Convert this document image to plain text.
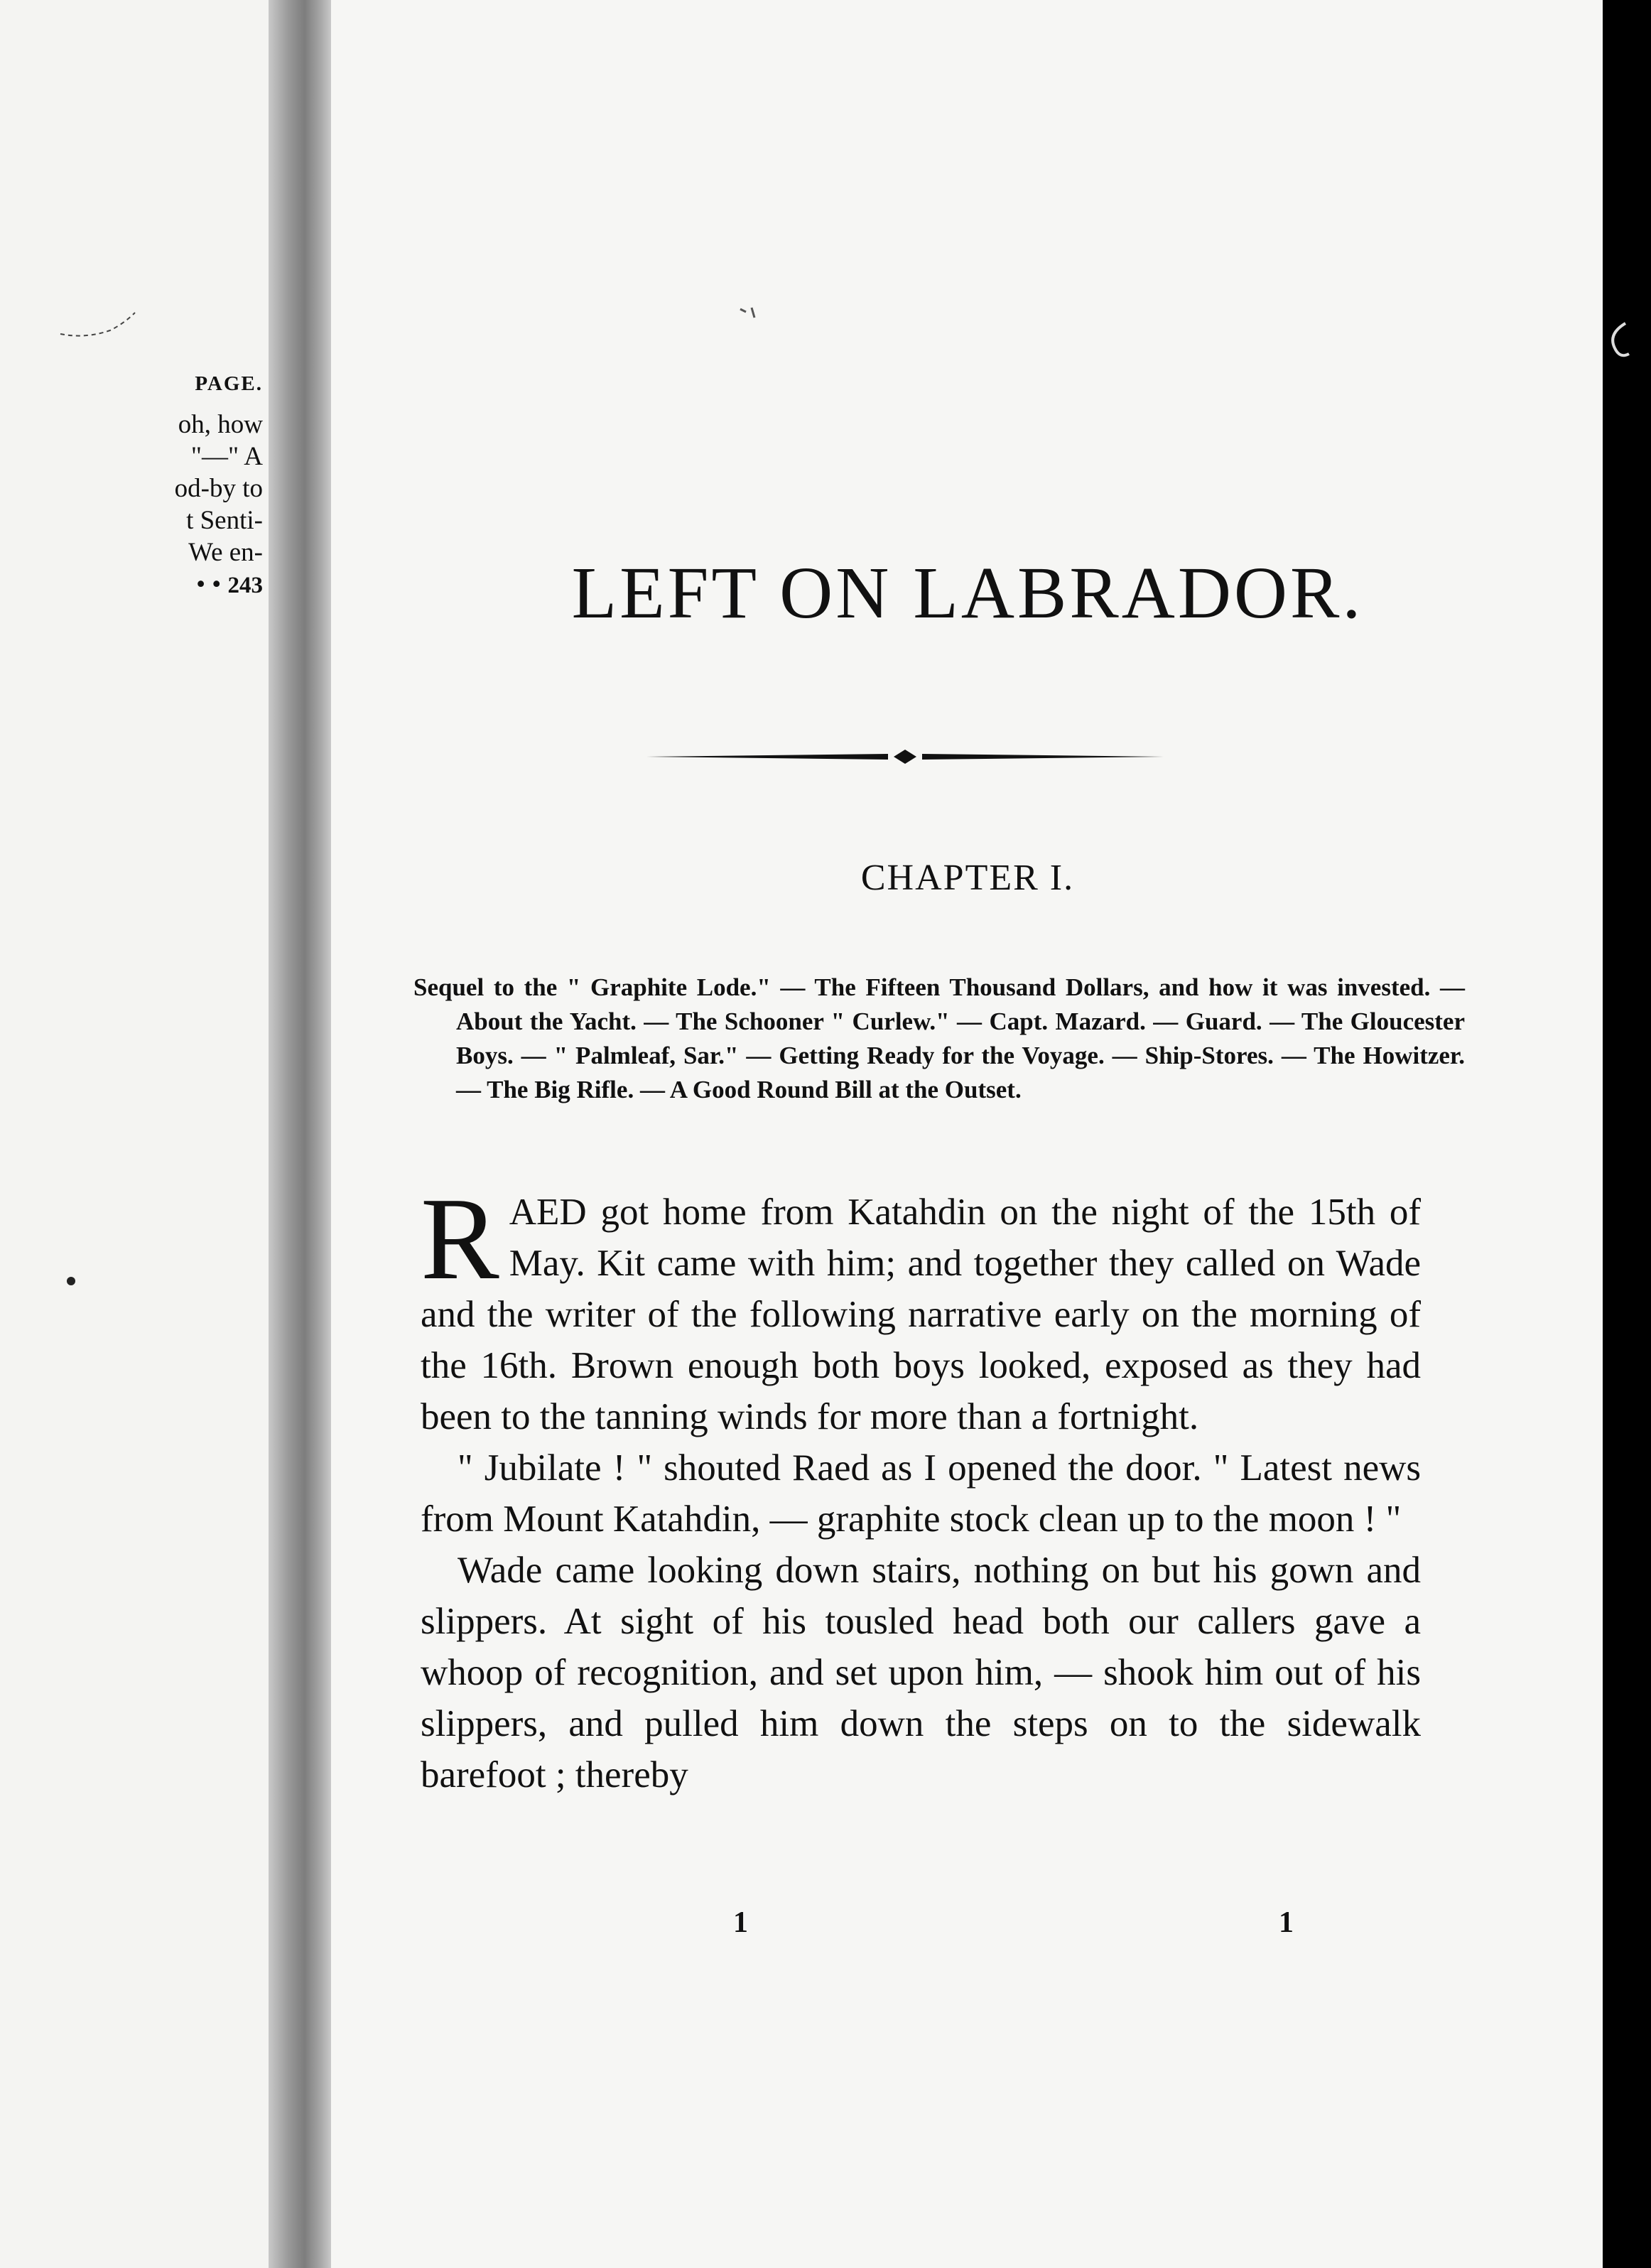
PAGE.
oh, how
"—" A
od-by to
t Senti-
We en-
• • 243	LEFT ON LABRADOR.
CHAPTER I.
Sequel to the " Graphite Lode." — The Fifteen Thousand Dollars, and how it was invested. — About the Yacht. — The Schooner " Curlew." — Capt. Mazard. — Guard. — The Gloucester Boys. — " Palmleaf, Sar." — Getting Ready for the Voyage. — Ship-Stores. — The Howitzer. — The Big Rifle. — A Good Round Bill at the Outset.

RAED got home from Katahdin on the night of the 15th of May. Kit came with him; and together they called on Wade and the writer of the following narrative early on the morning of the 16th. Brown enough both boys looked, exposed as they had been to the tanning winds for more than a fortnight.

" Jubilate ! " shouted Raed as I opened the door. " Latest news from Mount Katahdin, — graphite stock clean up to the moon ! "

Wade came looking down stairs, nothing on but his gown and slippers. At sight of his tousled head both our callers gave a whoop of recognition, and set upon him, — shook him out of his slippers, and pulled him down the steps on to the sidewalk barefoot ; thereby

1	1
